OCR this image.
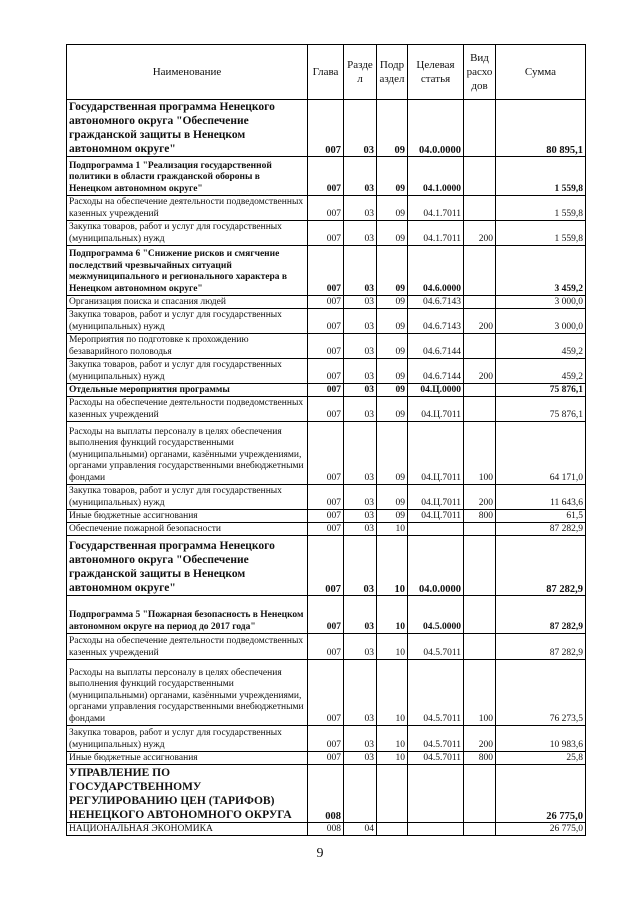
Наименование	Глава	Разде л	Подр аздел	Целевая статья	Вид расхо дов	Сумма
Государственная программа Ненецкого автономного округа "Обеспечение гражданской защиты в Ненецком автономном округе"	007	03	09	04.0.0000		80 895,1
Подпрограмма 1 "Реализация государственной политики в области гражданской обороны в Ненецком автономном округе"	007	03	09	04.1.0000		1 559,8
Расходы на обеспечение деятельности подведомственных казенных учреждений	007	03	09	04.1.7011		1 559,8
Закупка товаров, работ и услуг для государственных (муниципальных) нужд	007	03	09	04.1.7011	200	1 559,8
Подпрограмма 6 "Снижение рисков и смягчение последствий чрезвычайных ситуаций межмуниципального и регионального характера в Ненецком автономном округе"	007	03	09	04.6.0000		3 459,2
Организация поиска и спасания людей	007	03	09	04.6.7143		3 000,0
Закупка товаров, работ и услуг для государственных (муниципальных) нужд	007	03	09	04.6.7143	200	3 000,0
Мероприятия по подготовке к прохождению безаварийного половодья	007	03	09	04.6.7144		459,2
Закупка товаров, работ и услуг для государственных (муниципальных) нужд	007	03	09	04.6.7144	200	459,2
Отдельные мероприятия программы	007	03	09	04.Ц.0000		75 876,1
Расходы на обеспечение деятельности подведомственных казенных учреждений	007	03	09	04.Ц.7011		75 876,1
Расходы на выплаты персоналу в целях обеспечения выполнения функций государственными (муниципальными) органами, казёнными учреждениями, органами управления государственными внебюджетными фондами	007	03	09	04.Ц.7011	100	64 171,0
Закупка товаров, работ и услуг для государственных (муниципальных) нужд	007	03	09	04.Ц.7011	200	11 643,6
Иные бюджетные ассигнования	007	03	09	04.Ц.7011	800	61,5
Обеспечение пожарной безопасности	007	03	10			87 282,9
Государственная программа Ненецкого автономного округа "Обеспечение гражданской защиты в Ненецком автономном округе"	007	03	10	04.0.0000		87 282,9
Подпрограмма 5 "Пожарная безопасность в Ненецком автономном округе на период до 2017 года"	007	03	10	04.5.0000		87 282,9
Расходы на обеспечение деятельности подведомственных казенных учреждений	007	03	10	04.5.7011		87 282,9
Расходы на выплаты персоналу в целях обеспечения выполнения функций государственными (муниципальными) органами, казёнными учреждениями, органами управления государственными внебюджетными фондами	007	03	10	04.5.7011	100	76 273,5
Закупка товаров, работ и услуг для государственных (муниципальных) нужд	007	03	10	04.5.7011	200	10 983,6
Иные бюджетные ассигнования	007	03	10	04.5.7011	800	25,8
УПРАВЛЕНИЕ ПО ГОСУДАРСТВЕННОМУ РЕГУЛИРОВАНИЮ ЦЕН (ТАРИФОВ) НЕНЕЦКОГО АВТОНОМНОГО ОКРУГА	008					26 775,0
НАЦИОНАЛЬНАЯ ЭКОНОМИКА	008	04				26 775,0
9
